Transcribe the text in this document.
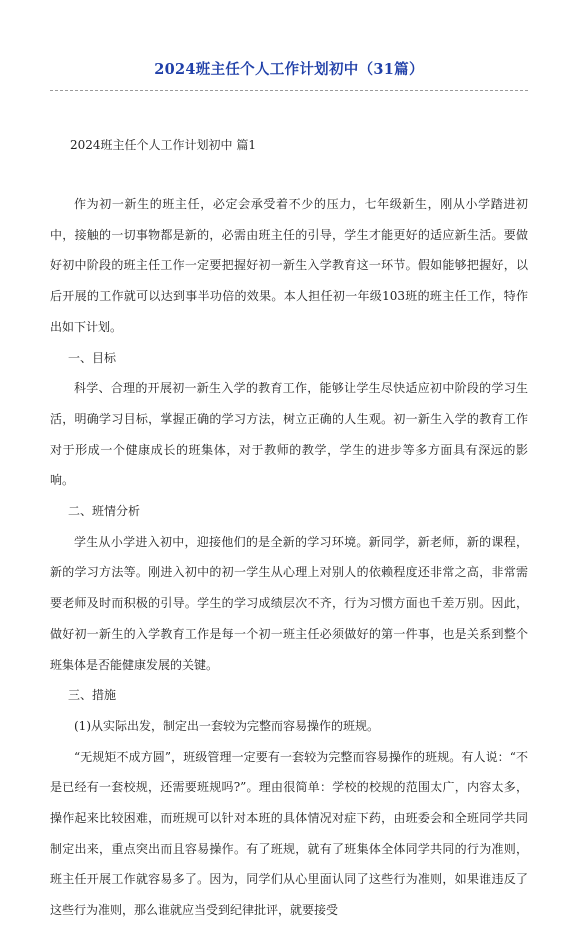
2024班主任个人工作计划初中（31篇）
2024班主任个人工作计划初中 篇1

作为初一新生的班主任，必定会承受着不少的压力，七年级新生，刚从小学踏进初中，接触的一切事物都是新的，必需由班主任的引导，学生才能更好的适应新生活。要做好初中阶段的班主任工作一定要把握好初一新生入学教育这一环节。假如能够把握好，以后开展的工作就可以达到事半功倍的效果。本人担任初一年级103班的班主任工作，特作出如下计划。

一、目标

科学、合理的开展初一新生入学的教育工作，能够让学生尽快适应初中阶段的学习生活，明确学习目标，掌握正确的学习方法，树立正确的人生观。初一新生入学的教育工作对于形成一个健康成长的班集体，对于教师的教学，学生的进步等多方面具有深远的影响。

二、班情分析

学生从小学进入初中，迎接他们的是全新的学习环境。新同学，新老师，新的课程，新的学习方法等。刚进入初中的初一学生从心理上对别人的依赖程度还非常之高，非常需要老师及时而积极的引导。学生的学习成绩层次不齐，行为习惯方面也千差万别。因此，做好初一新生的入学教育工作是每一个初一班主任必须做好的第一件事，也是关系到整个班集体是否能健康发展的关键。

三、措施

(1)从实际出发，制定出一套较为完整而容易操作的班规。

“无规矩不成方圆”，班级管理一定要有一套较为完整而容易操作的班规。有人说：“不是已经有一套校规，还需要班规吗?”。理由很简单：学校的校规的范围太广，内容太多，操作起来比较困难，而班规可以针对本班的具体情况对症下药，由班委会和全班同学共同制定出来，重点突出而且容易操作。有了班规，就有了班集体全体同学共同的行为准则，班主任开展工作就容易多了。因为，同学们从心里面认同了这些行为准则，如果谁违反了这些行为准则，那么谁就应当受到纪律批评，就要接受
